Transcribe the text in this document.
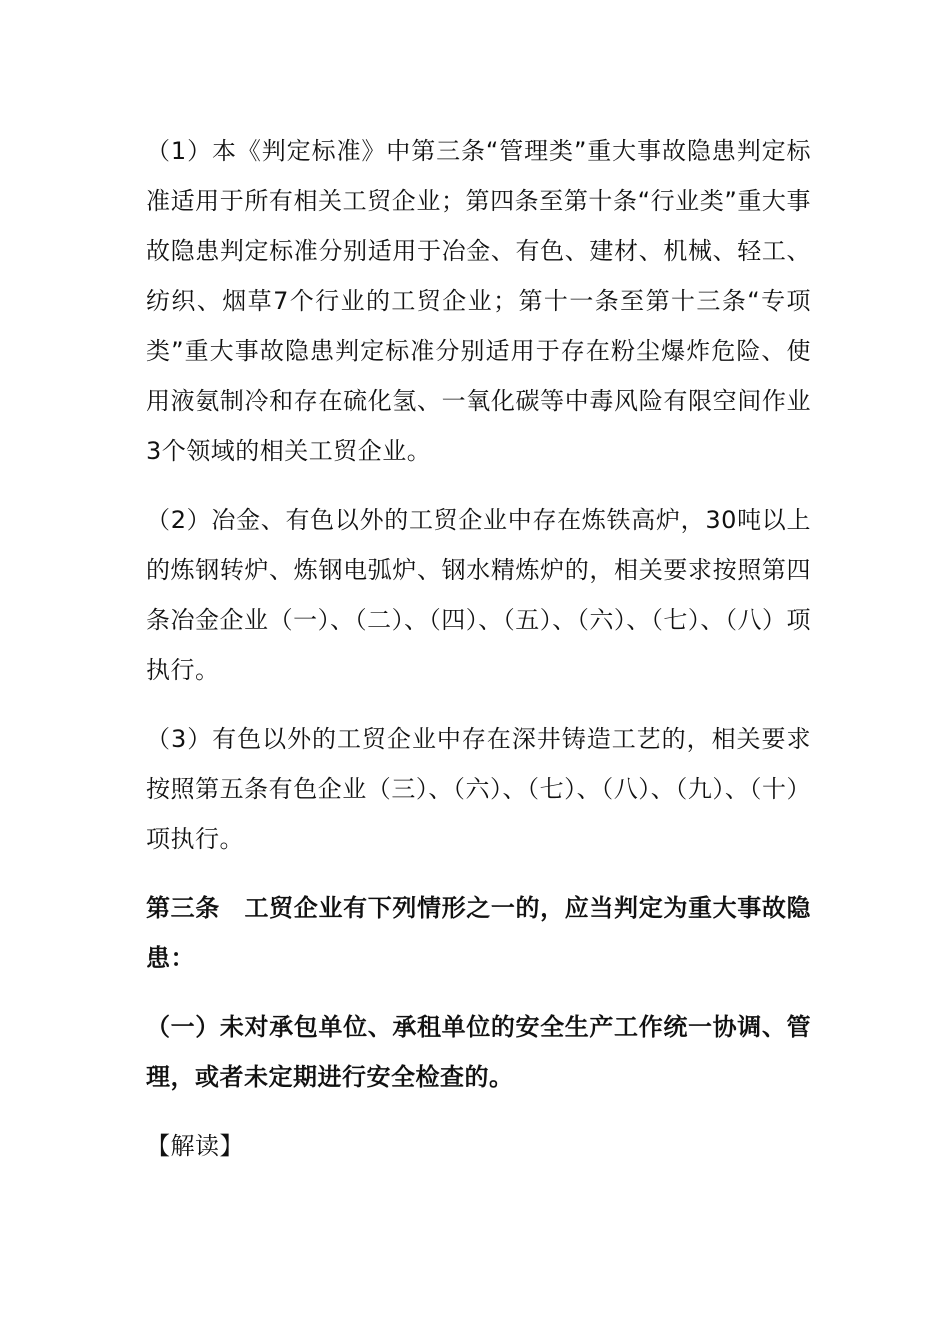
（1）本《判定标准》中第三条“管理类”重大事故隐患判定标准适用于所有相关工贸企业；第四条至第十条“行业类”重大事故隐患判定标准分别适用于冶金、有色、建材、机械、轻工、纺织、烟草7个行业的工贸企业；第十一条至第十三条“专项类”重大事故隐患判定标准分别适用于存在粉尘爆炸危险、使用液氨制冷和存在硫化氢、一氧化碳等中毒风险有限空间作业3个领域的相关工贸企业。

（2）冶金、有色以外的工贸企业中存在炼铁高炉，30吨以上的炼钢转炉、炼钢电弧炉、钢水精炼炉的，相关要求按照第四条冶金企业（一）、（二）、（四）、（五）、（六）、（七）、（八）项执行。

（3）有色以外的工贸企业中存在深井铸造工艺的，相关要求按照第五条有色企业（三）、（六）、（七）、（八）、（九）、（十）项执行。

第三条　工贸企业有下列情形之一的，应当判定为重大事故隐患：

（一）未对承包单位、承租单位的安全生产工作统一协调、管理，或者未定期进行安全检查的。

【解读】
